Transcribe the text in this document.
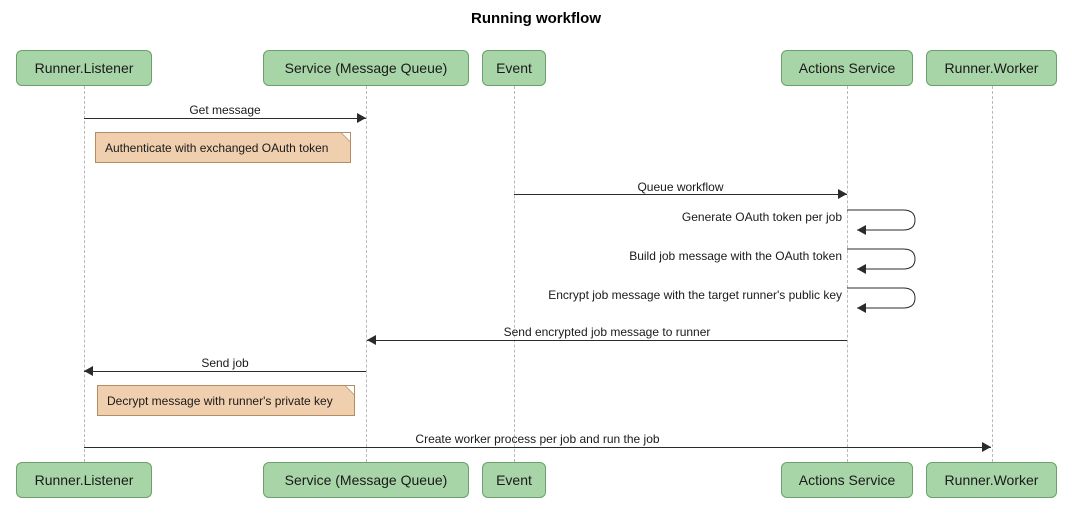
Running workflow
Runner.Listener	Service (Message Queue)	Event	Actions Service	Runner.Worker
Runner.Listener	Service (Message Queue)	Event	Actions Service	Runner.Worker
Get message
Queue workflow
Generate OAuth token per job
Build job message with the OAuth token
Encrypt job message with the target runner's public key
Send encrypted job message to runner
Send job
Create worker process per job and run the job
Authenticate with exchanged OAuth token
Decrypt message with runner's private key
